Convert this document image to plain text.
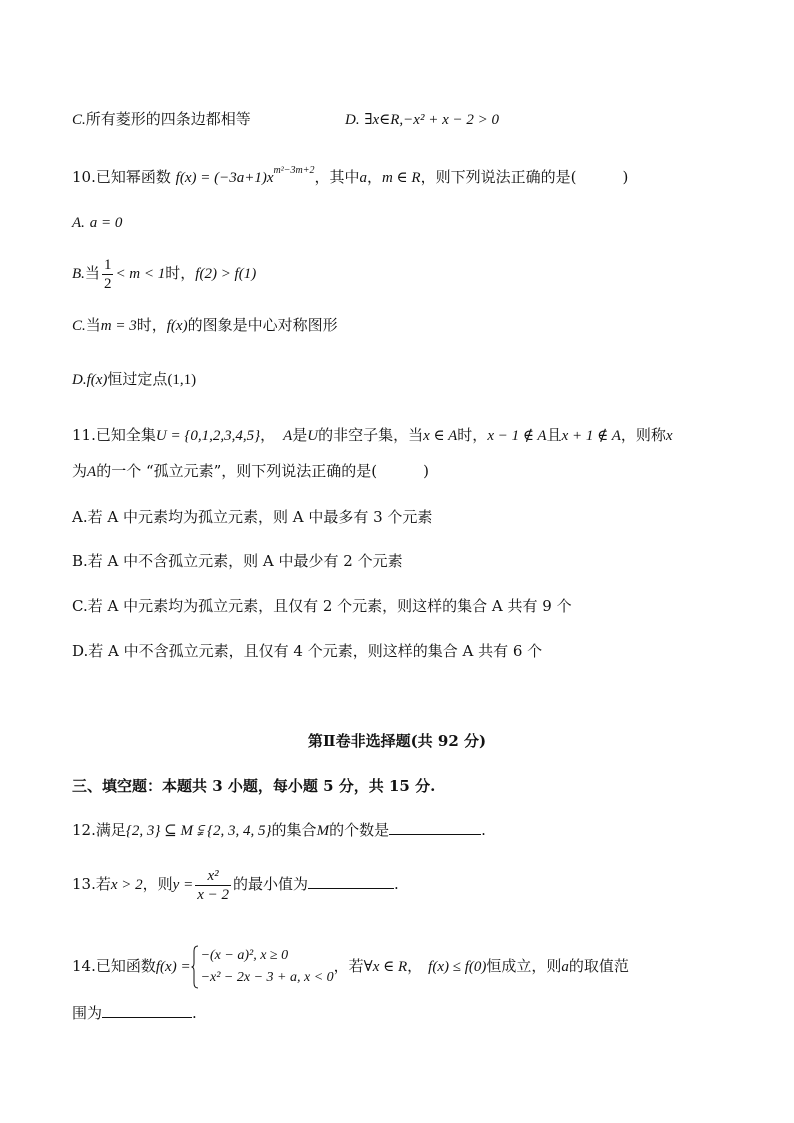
C.所有菱形的四条边都相等	D. ∃x∈R,−x² + x − 2 > 0
10.已知幂函数 $f(x) = (-3a+1)x^{m^2-3m+2}$，其中a，m ∈ R，则下列说法正确的是(	)
A. a = 0
B.当 $\frac{1}{2} < m < 1$时，f(2) > f(1)
C.当m = 3时，f(x)的图象是中心对称图形
D.f(x)恒过定点(1,1)
11.已知全集U = {0,1,2,3,4,5}， A是U的非空子集，当x ∈ A时，x − 1 ∉ A且x + 1 ∉ A，则称x
为A的一个 “孤立元素”，则下列说法正确的是(	)
A.若 A 中元素均为孤立元素，则 A 中最多有 3 个元素
B.若 A 中不含孤立元素，则 A 中最少有 2 个元素
C.若 A 中元素均为孤立元素，且仅有 2 个元素，则这样的集合 A 共有 9 个
D.若 A 中不含孤立元素，且仅有 4 个元素，则这样的集合 A 共有 6 个
第Ⅱ卷非选择题(共 92 分)
三、填空题：本题共 3 小题，每小题 5 分，共 15 分.
12.满足{2, 3} ⊆ M ⫋ {2, 3, 4, 5}的集合M的个数是	.
13.若x > 2，则$y = \frac{\text{x²}}{x - 2}$ 的最小值为	.
14.已知函数f(x) =
−(x − a)², x ≥ 0
−x² − 2x − 3 + a, x < 0
，若∀x ∈ R， f(x) ≤ f(0)恒成立，则a的取值范
围为	.
